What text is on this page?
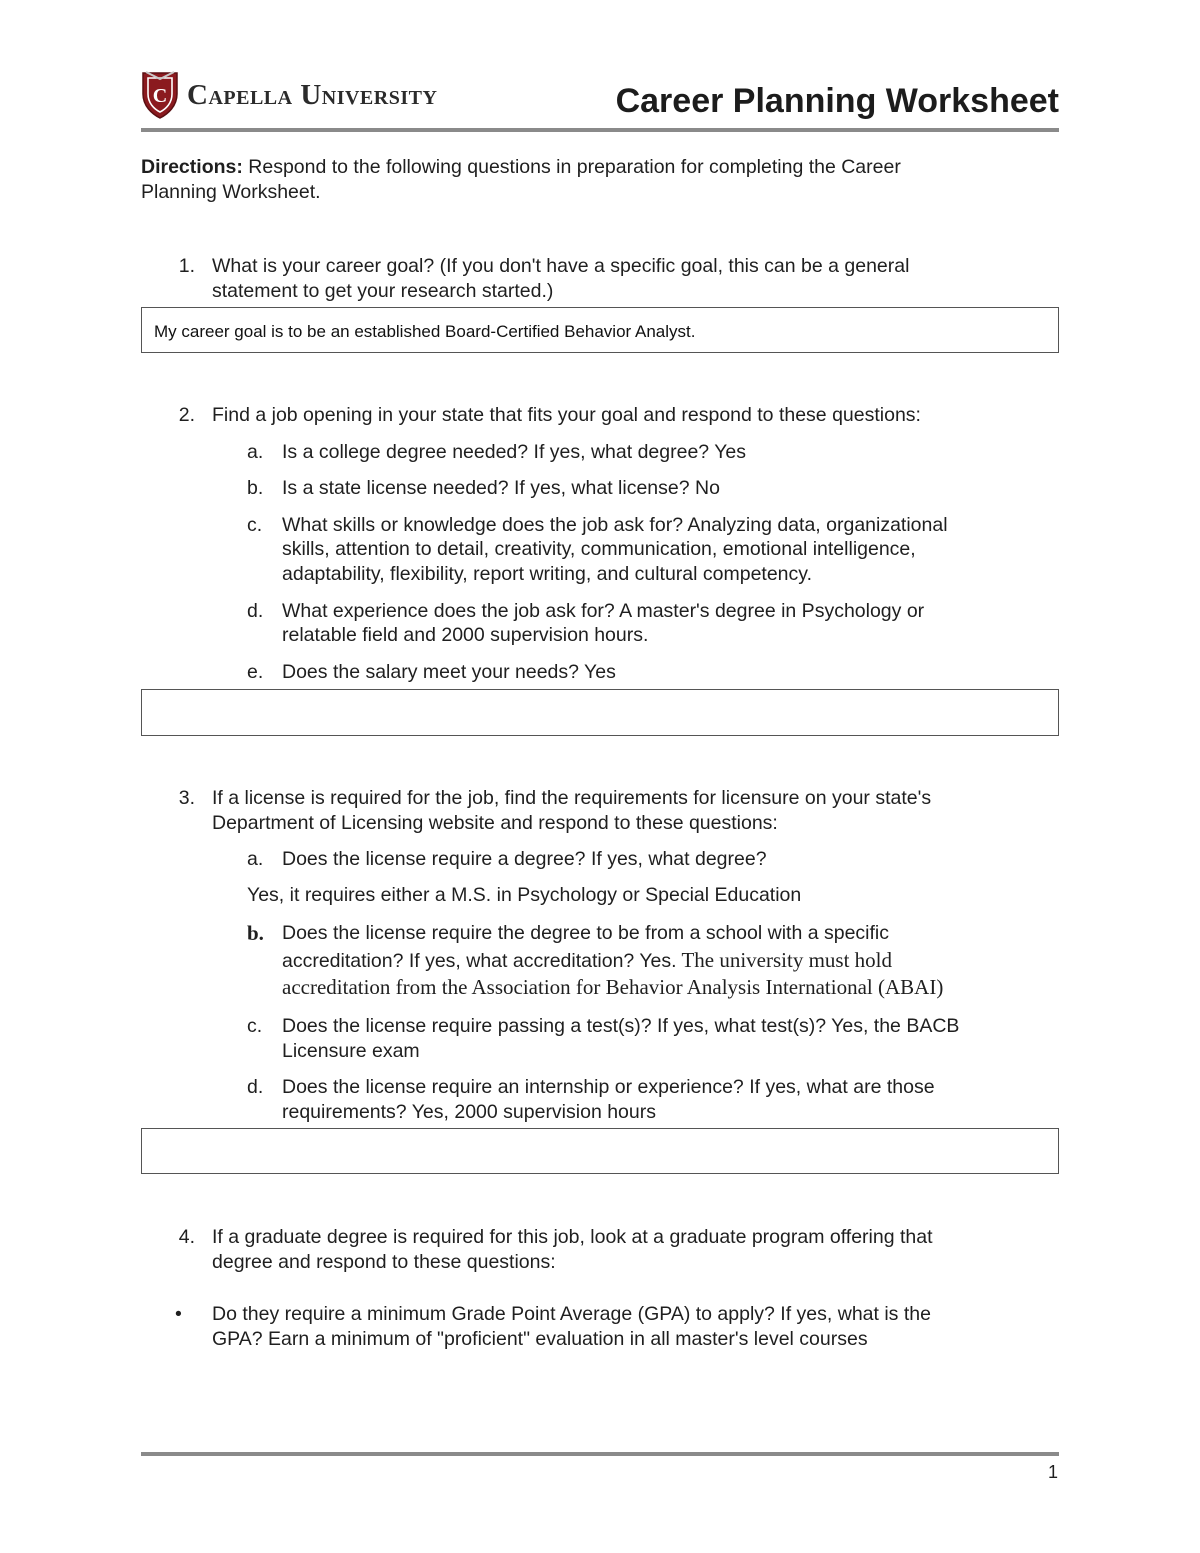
C Capella University	Career Planning Worksheet
Directions: Respond to the following questions in preparation for completing the Career
Planning Worksheet.
1. What is your career goal? (If you don't have a specific goal, this can be a general
statement to get your research started.)
My career goal is to be an established Board-Certified Behavior Analyst.
2. Find a job opening in your state that fits your goal and respond to these questions:
a. Is a college degree needed? If yes, what degree? Yes
b. Is a state license needed? If yes, what license? No
c. What skills or knowledge does the job ask for? Analyzing data, organizational
skills, attention to detail, creativity, communication, emotional intelligence,
adaptability, flexibility, report writing, and cultural competency.
d. What experience does the job ask for? A master's degree in Psychology or
relatable field and 2000 supervision hours.
e. Does the salary meet your needs? Yes
3. If a license is required for the job, find the requirements for licensure on your state's
Department of Licensing website and respond to these questions:
a. Does the license require a degree? If yes, what degree?
Yes, it requires either a M.S. in Psychology or Special Education
b. Does the license require the degree to be from a school with a specific
accreditation? If yes, what accreditation? Yes. The university must hold
accreditation from the Association for Behavior Analysis International (ABAI)
c. Does the license require passing a test(s)? If yes, what test(s)? Yes, the BACB
Licensure exam
d. Does the license require an internship or experience? If yes, what are those
requirements? Yes, 2000 supervision hours
4. If a graduate degree is required for this job, look at a graduate program offering that
degree and respond to these questions:
• Do they require a minimum Grade Point Average (GPA) to apply? If yes, what is the
GPA? Earn a minimum of "proficient" evaluation in all master's level courses
1
